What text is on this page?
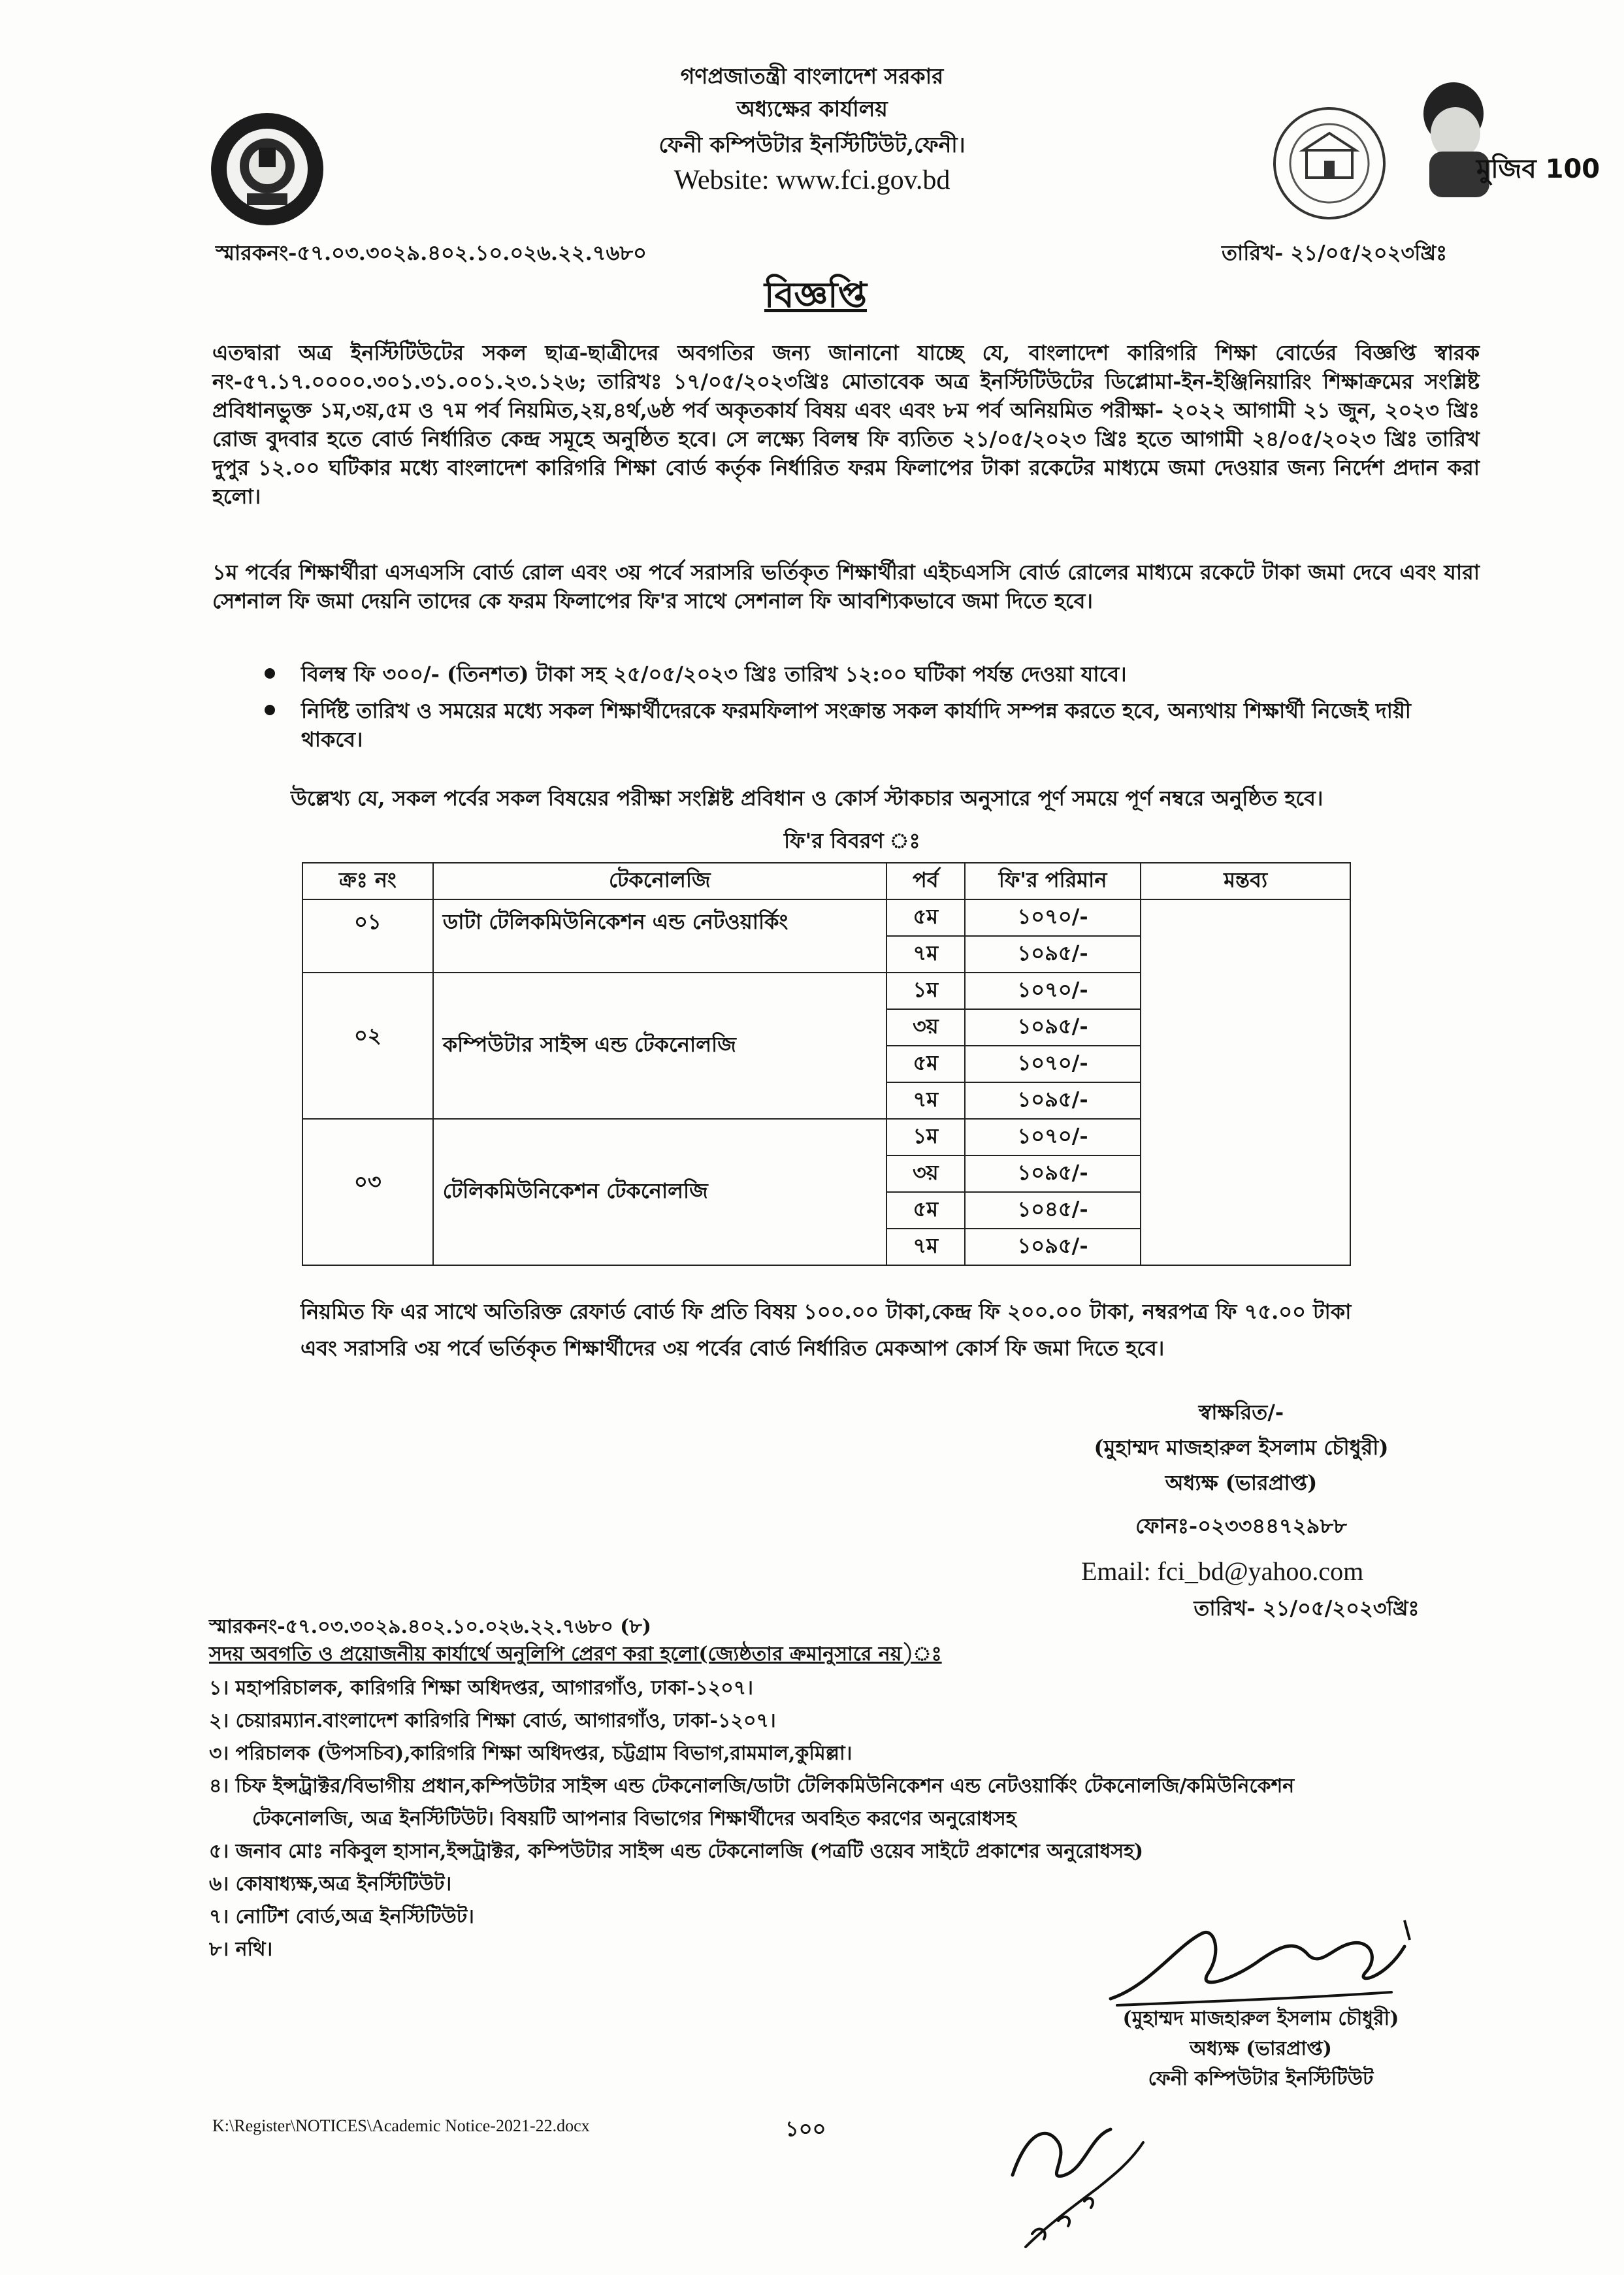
মুজিব 100
গণপ্রজাতন্ত্রী বাংলাদেশ সরকার
অধ্যক্ষের কার্যালয়
ফেনী কম্পিউটার ইনস্টিটিউট,ফেনী।
Website: www.fci.gov.bd
স্মারকনং-৫৭.০৩.৩০২৯.৪০২.১০.০২৬.২২.৭৬৮০	তারিখ- ২১/০৫/২০২৩খ্রিঃ
বিজ্ঞপ্তি
এতদ্বারা অত্র ইনস্টিটিউটের সকল ছাত্র-ছাত্রীদের অবগতির জন্য জানানো যাচ্ছে যে, বাংলাদেশ কারিগরি শিক্ষা বোর্ডের বিজ্ঞপ্তি স্বারক নং-৫৭.১৭.০০০০.৩০১.৩১.০০১.২৩.১২৬; তারিখঃ ১৭/০৫/২০২৩খ্রিঃ মোতাবেক অত্র ইনস্টিটিউটের ডিপ্লোমা-ইন-ইঞ্জিনিয়ারিং শিক্ষাক্রমের সংশ্লিষ্ট প্রবিধানভুক্ত ১ম,৩য়,৫ম ও ৭ম পর্ব নিয়মিত,২য়,৪র্থ,৬ষ্ঠ পর্ব অকৃতকার্য বিষয় এবং এবং ৮ম পর্ব অনিয়মিত পরীক্ষা- ২০২২ আগামী ২১ জুন, ২০২৩ খ্রিঃ রোজ বুদবার হতে বোর্ড নির্ধারিত কেন্দ্র সমূহে অনুষ্ঠিত হবে। সে লক্ষ্যে বিলম্ব ফি ব্যতিত ২১/০৫/২০২৩ খ্রিঃ হতে আগামী ২৪/০৫/২০২৩ খ্রিঃ তারিখ দুপুর ১২.০০ ঘটিকার মধ্যে বাংলাদেশ কারিগরি শিক্ষা বোর্ড কর্তৃক নির্ধারিত ফরম ফিলাপের টাকা রকেটের মাধ্যমে জমা দেওয়ার জন্য নির্দেশ প্রদান করা হলো।
১ম পর্বের শিক্ষার্থীরা এসএসসি বোর্ড রোল এবং ৩য় পর্বে সরাসরি ভর্তিকৃত শিক্ষার্থীরা এইচএসসি বোর্ড রোলের মাধ্যমে রকেটে টাকা জমা দেবে এবং যারা সেশনাল ফি জমা দেয়নি তাদের কে ফরম ফিলাপের ফি'র সাথে সেশনাল ফি আবশ্যিকভাবে জমা দিতে হবে।
বিলম্ব ফি ৩০০/- (তিনশত) টাকা সহ ২৫/০৫/২০২৩ খ্রিঃ তারিখ ১২:০০ ঘটিকা পর্যন্ত দেওয়া যাবে।
নির্দিষ্ট তারিখ ও সময়ের মধ্যে সকল শিক্ষার্থীদেরকে ফরমফিলাপ সংক্রান্ত সকল কার্যাদি সম্পন্ন করতে হবে, অন্যথায় শিক্ষার্থী নিজেই দায়ী থাকবে।
উল্লেখ্য যে, সকল পর্বের সকল বিষয়ের পরীক্ষা সংশ্লিষ্ট প্রবিধান ও কোর্স স্টাকচার অনুসারে পূর্ণ সময়ে পূর্ণ নম্বরে অনুষ্ঠিত হবে।
ফি'র বিবরণ ঃ
ক্রঃ নং	টেকনোলজি	পর্ব	ফি'র পরিমান	মন্তব্য
০১	ডাটা টেলিকমিউনিকেশন এন্ড নেটওয়ার্কিং	৫ম	১০৭০/-	
		৭ম	১০৯৫/-	
০২	কম্পিউটার সাইন্স এন্ড টেকনোলজি	১ম	১০৭০/-	
		৩য়	১০৯৫/-	
		৫ম	১০৭০/-	
		৭ম	১০৯৫/-	
০৩	টেলিকমিউনিকেশন টেকনোলজি	১ম	১০৭০/-	
		৩য়	১০৯৫/-	
		৫ম	১০৪৫/-	
		৭ম	১০৯৫/-	
নিয়মিত ফি এর সাথে অতিরিক্ত রেফার্ড বোর্ড ফি প্রতি বিষয় ১০০.০০ টাকা,কেন্দ্র ফি ২০০.০০ টাকা, নম্বরপত্র ফি ৭৫.০০ টাকা
এবং সরাসরি ৩য় পর্বে ভর্তিকৃত শিক্ষার্থীদের ৩য় পর্বের বোর্ড নির্ধারিত মেকআপ কোর্স ফি জমা দিতে হবে।
স্বাক্ষরিত/-
(মুহাম্মদ মাজহারুল ইসলাম চৌধুরী)
অধ্যক্ষ (ভারপ্রাপ্ত)
ফোনঃ-০২৩৩৪৪৭২৯৮৮
Email: fci_bd@yahoo.com
তারিখ- ২১/০৫/২০২৩খ্রিঃ
স্মারকনং-৫৭.০৩.৩০২৯.৪০২.১০.০২৬.২২.৭৬৮০ (৮)
সদয় অবগতি ও প্রয়োজনীয় কার্যার্থে অনুলিপি প্রেরণ করা হলো(জ্যেষ্ঠতার ক্রমানুসারে নয়)ঃ
১। মহাপরিচালক, কারিগরি শিক্ষা অধিদপ্তর, আগারগাঁও, ঢাকা-১২০৭।
২। চেয়ারম্যান.বাংলাদেশ কারিগরি শিক্ষা বোর্ড, আগারগাঁও, ঢাকা-১২০৭।
৩। পরিচালক (উপসচিব),কারিগরি শিক্ষা অধিদপ্তর, চট্টগ্রাম বিভাগ,রামমাল,কুমিল্লা।
৪। চিফ ইন্সট্রাক্টর/বিভাগীয় প্রধান,কম্পিউটার সাইন্স এন্ড টেকনোলজি/ডাটা টেলিকমিউনিকেশন এন্ড নেটওয়ার্কিং টেকনোলজি/কমিউনিকেশন
টেকনোলজি, অত্র ইনস্টিটিউট। বিষয়টি আপনার বিভাগের শিক্ষার্থীদের অবহিত করণের অনুরোধসহ
৫। জনাব মোঃ নকিবুল হাসান,ইন্সট্রাক্টর, কম্পিউটার সাইন্স এন্ড টেকনোলজি (পত্রটি ওয়েব সাইটে প্রকাশের অনুরোধসহ)
৬। কোষাধ্যক্ষ,অত্র ইনস্টিটিউট।
৭। নোটিশ বোর্ড,অত্র ইনস্টিটিউট।
৮। নথি।
(মুহাম্মদ মাজহারুল ইসলাম চৌধুরী)
অধ্যক্ষ (ভারপ্রাপ্ত)
ফেনী কম্পিউটার ইনস্টিটিউট
K:\Register\NOTICES\Academic Notice-2021-22.docx	১০০
